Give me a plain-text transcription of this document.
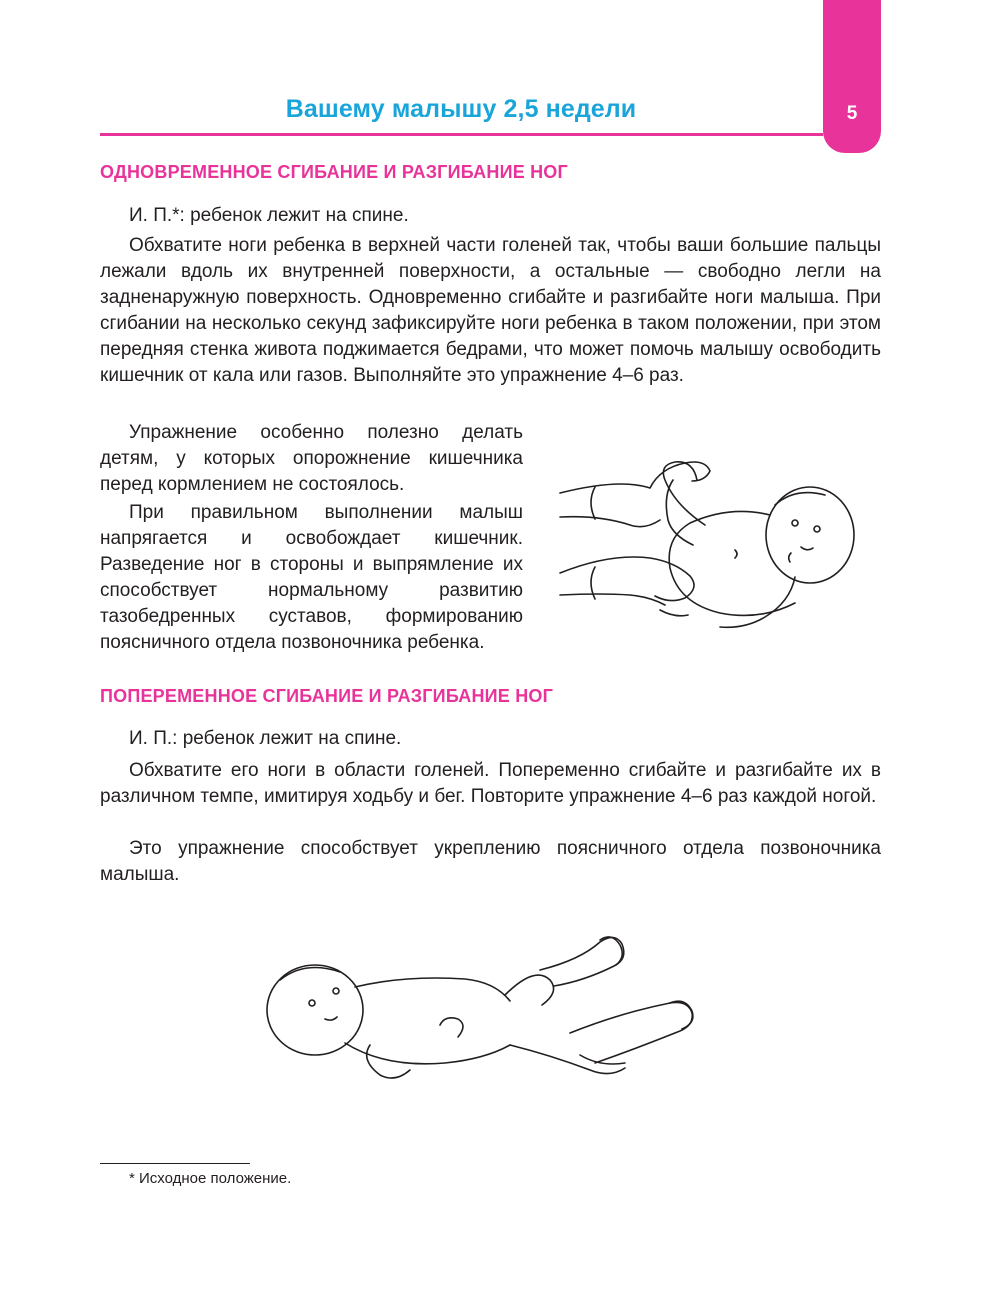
5
Вашему малышу 2,5 недели
ОДНОВРЕМЕННОЕ СГИБАНИЕ И РАЗГИБАНИЕ НОГ

И. П.*: ребенок лежит на спине.

Обхватите ноги ребенка в верхней части голеней так, чтобы ваши большие пальцы лежали вдоль их внутренней поверхности, а остальные — свободно легли на задненаружную поверхность. Одновременно сгибайте и разгибайте ноги малыша. При сгибании на несколько секунд зафиксируйте ноги ребенка в таком положении, при этом передняя стенка живота поджимается бедрами, что может помочь малышу освободить кишечник от кала или газов. Выполняйте это упражнение 4–6 раз.

Упражнение особенно полезно делать детям, у которых опорожнение кишечника перед кормлением не состоялось.

При правильном выполнении малыш напрягается и освобождает кишечник. Разведение ног в стороны и выпрямление их способствует нормальному развитию тазобедренных суставов, формированию поясничного отдела позвоночника ребенка.

ПОПЕРЕМЕННОЕ СГИБАНИЕ И РАЗГИБАНИЕ НОГ

И. П.: ребенок лежит на спине.

Обхватите его ноги в области голеней. Попеременно сгибайте и разгибайте их в различном темпе, имитируя ходьбу и бег. Повторите упражнение 4–6 раз каждой ногой.

Это упражнение способствует укреплению поясничного отдела позвоночника малыша.

* Исходное положение.
